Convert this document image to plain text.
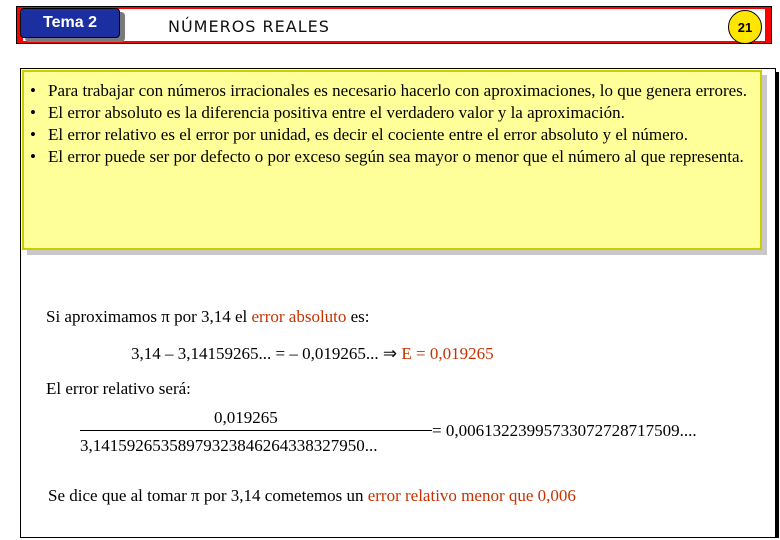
Tema 2	NÚMEROS REALES	21
• Para trabajar con números irracionales es necesario hacerlo con aproximaciones, lo que genera errores.
• El error absoluto es la diferencia positiva entre el verdadero valor y la aproximación.
• El error relativo es el error por unidad, es decir el cociente entre el error absoluto y el número.
• El error puede ser por defecto o por exceso según sea mayor o menor que el número al que representa.
Si aproximamos π por 3,14 el error absoluto es:
3,14 – 3,14159265... = – 0,019265... ⇒ E = 0,019265
El error relativo será:
0,019265
3,14159265358979323846264338327950...
= 0,0061322399573307272871750​9....
Se dice que al tomar π por 3,14 cometemos un error relativo menor que 0,006
